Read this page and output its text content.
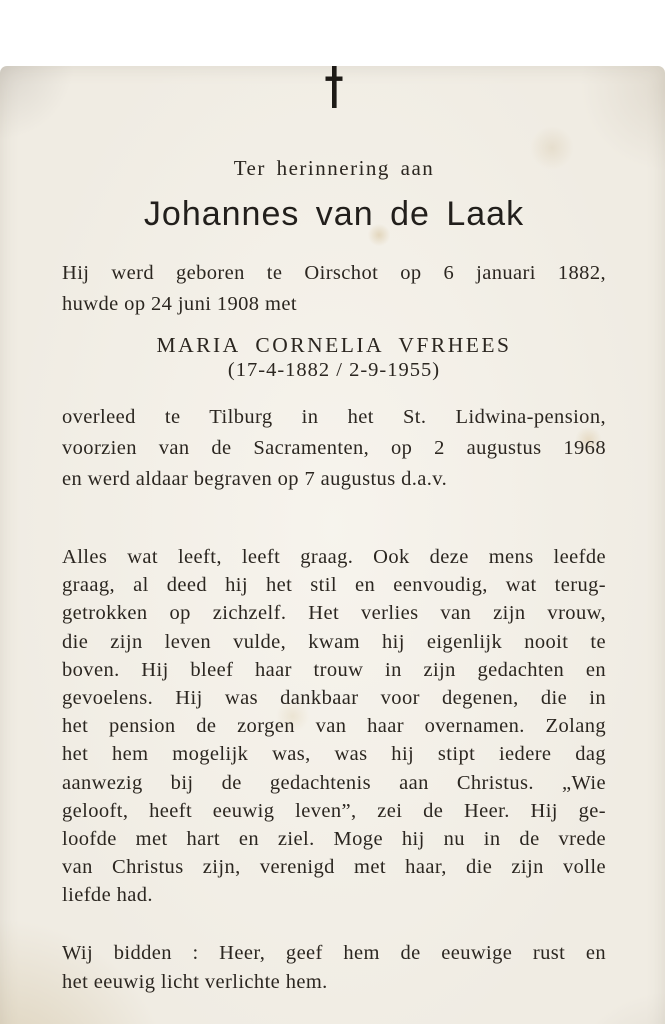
Ter herinnering aan
Johannes van de Laak
Hij werd geboren te Oirschot op 6 januari 1882,
huwde op 24 juni 1908 met
MARIA CORNELIA VFRHEES
(17-4-1882 / 2-9-1955)
overleed te Tilburg in het St. Lidwina-pension,
voorzien van de Sacramenten, op 2 augustus 1968
en werd aldaar begraven op 7 augustus d.a.v.
Alles wat leeft, leeft graag. Ook deze mens leefde
graag, al deed hij het stil en eenvoudig, wat terug-
getrokken op zichzelf. Het verlies van zijn vrouw,
die zijn leven vulde, kwam hij eigenlijk nooit te
boven. Hij bleef haar trouw in zijn gedachten en
gevoelens. Hij was dankbaar voor degenen, die in
het pension de zorgen van haar overnamen. Zolang
het hem mogelijk was, was hij stipt iedere dag
aanwezig bij de gedachtenis aan Christus. „Wie
gelooft, heeft eeuwig leven”, zei de Heer. Hij ge-
loofde met hart en ziel. Moge hij nu in de vrede
van Christus zijn, verenigd met haar, die zijn volle
liefde had.
Wij bidden : Heer, geef hem de eeuwige rust en
het eeuwig licht verlichte hem.
